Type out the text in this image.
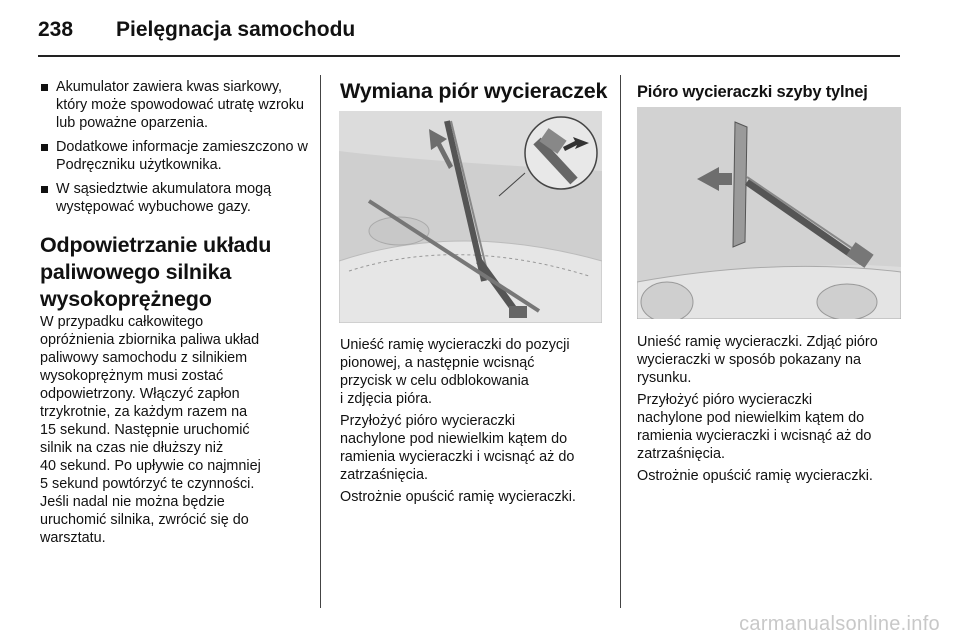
238 Pielęgnacja samochodu
Akumulator zawiera kwas siarkowy, który może spowodować utratę wzroku lub poważne oparzenia.
Dodatkowe informacje zamieszczono w Podręczniku użytkownika.
W sąsiedztwie akumulatora mogą występować wybuchowe gazy.

Odpowietrzanie układu

paliwowego silnika

wysokoprężnego

W przypadku całkowitego
opróżnienia zbiornika paliwa układ
paliwowy samochodu z silnikiem
wysokoprężnym musi zostać
odpowietrzony. Włączyć zapłon
trzykrotnie, za każdym razem na
15 sekund. Następnie uruchomić
silnik na czas nie dłuższy niż
40 sekund. Po upływie co najmniej
5 sekund powtórzyć te czynności.
Jeśli nadal nie można będzie
uruchomić silnika, zwrócić się do
warsztatu.

Wymiana piór wycieraczek

Unieść ramię wycieraczki do pozycji
pionowej, a następnie wcisnąć
przycisk w celu odblokowania
i zdjęcia pióra.
Przyłożyć pióro wycieraczki
nachylone pod niewielkim kątem do
ramienia wycieraczki i wcisnąć aż do
zatrzaśnięcia.
Ostrożnie opuścić ramię wycieraczki.

Pióro wycieraczki szyby tylnej

Unieść ramię wycieraczki. Zdjąć pióro
wycieraczki w sposób pokazany na
rysunku.
Przyłożyć pióro wycieraczki
nachylone pod niewielkim kątem do
ramienia wycieraczki i wcisnąć aż do
zatrzaśnięcia.
Ostrożnie opuścić ramię wycieraczki.
carmanualsonline.info
